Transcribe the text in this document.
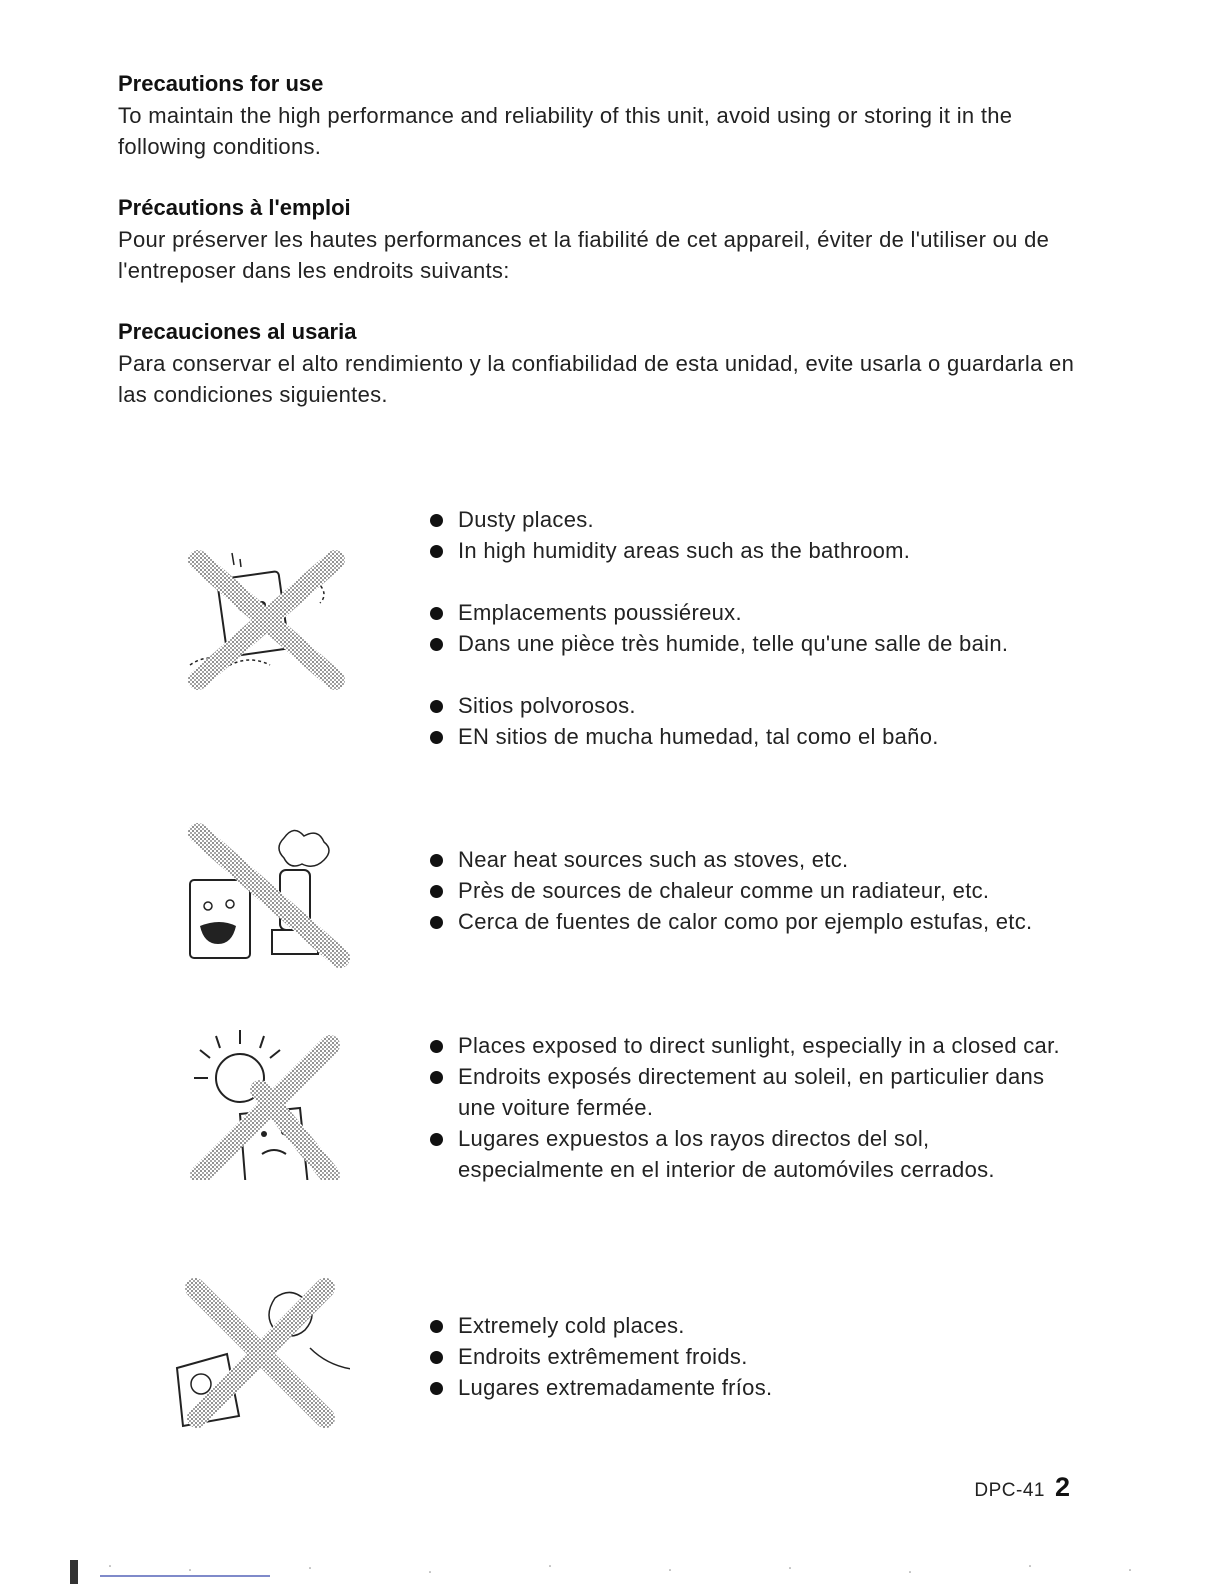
Precautions for use

To maintain the high performance and reliability of this unit, avoid using or storing it in the following conditions.

Précautions à l'emploi

Pour préserver les hautes performances et la fiabilité de cet appareil, éviter de l'utiliser ou de l'entreposer dans les endroits suivants:

Precauciones al usaria

Para conservar el alto rendimiento y la confiabilidad de esta unidad, evite usarla o guardarla en las condiciones siguientes.

Dusty places.
In high humidity areas such as the bathroom.
Emplacements poussiéreux.
Dans une pièce très humide, telle qu'une salle de bain.
Sitios polvorosos.
EN sitios de mucha humedad, tal como el baño.
Near heat sources such as stoves, etc.
Près de sources de chaleur comme un radiateur, etc.
Cerca de fuentes de calor como por ejemplo estufas, etc.
Places exposed to direct sunlight, especially in a closed car.
Endroits exposés directement au soleil, en particulier dans une voiture fermée.
Lugares expuestos a los rayos directos del sol, especialmente en el interior de automóviles cerrados.
Extremely cold places.
Endroits extrêmement froids.
Lugares extremadamente fríos.
DPC-41 2
